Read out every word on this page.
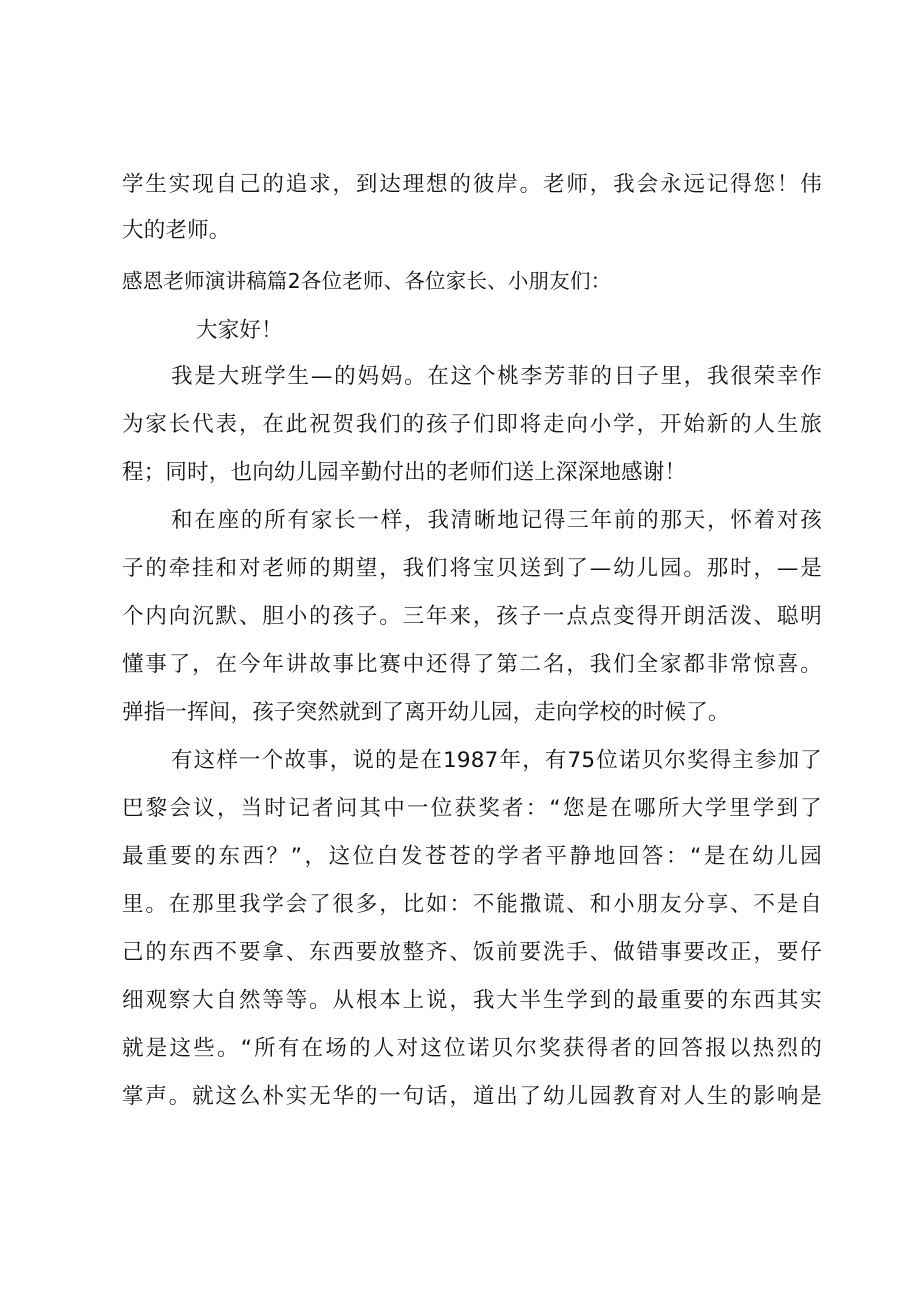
学生实现自己的追求，到达理想的彼岸。老师，我会永远记得您！伟
大的老师。
感恩老师演讲稿篇2各位老师、各位家长、小朋友们：
大家好！
我是大班学生—的妈妈。在这个桃李芳菲的日子里，我很荣幸作
为家长代表，在此祝贺我们的孩子们即将走向小学，开始新的人生旅
程；同时，也向幼儿园辛勤付出的老师们送上深深地感谢！
和在座的所有家长一样，我清晰地记得三年前的那天，怀着对孩
子的牵挂和对老师的期望，我们将宝贝送到了—幼儿园。那时，—是
个内向沉默、胆小的孩子。三年来，孩子一点点变得开朗活泼、聪明
懂事了，在今年讲故事比赛中还得了第二名，我们全家都非常惊喜。
弹指一挥间，孩子突然就到了离开幼儿园，走向学校的时候了。
有这样一个故事，说的是在1987年，有75位诺贝尔奖得主参加了
巴黎会议，当时记者问其中一位获奖者：“您是在哪所大学里学到了
最重要的东西？”，这位白发苍苍的学者平静地回答：“是在幼儿园
里。在那里我学会了很多，比如：不能撒谎、和小朋友分享、不是自
己的东西不要拿、东西要放整齐、饭前要洗手、做错事要改正，要仔
细观察大自然等等。从根本上说，我大半生学到的最重要的东西其实
就是这些。“所有在场的人对这位诺贝尔奖获得者的回答报以热烈的
掌声。就这么朴实无华的一句话，道出了幼儿园教育对人生的影响是
